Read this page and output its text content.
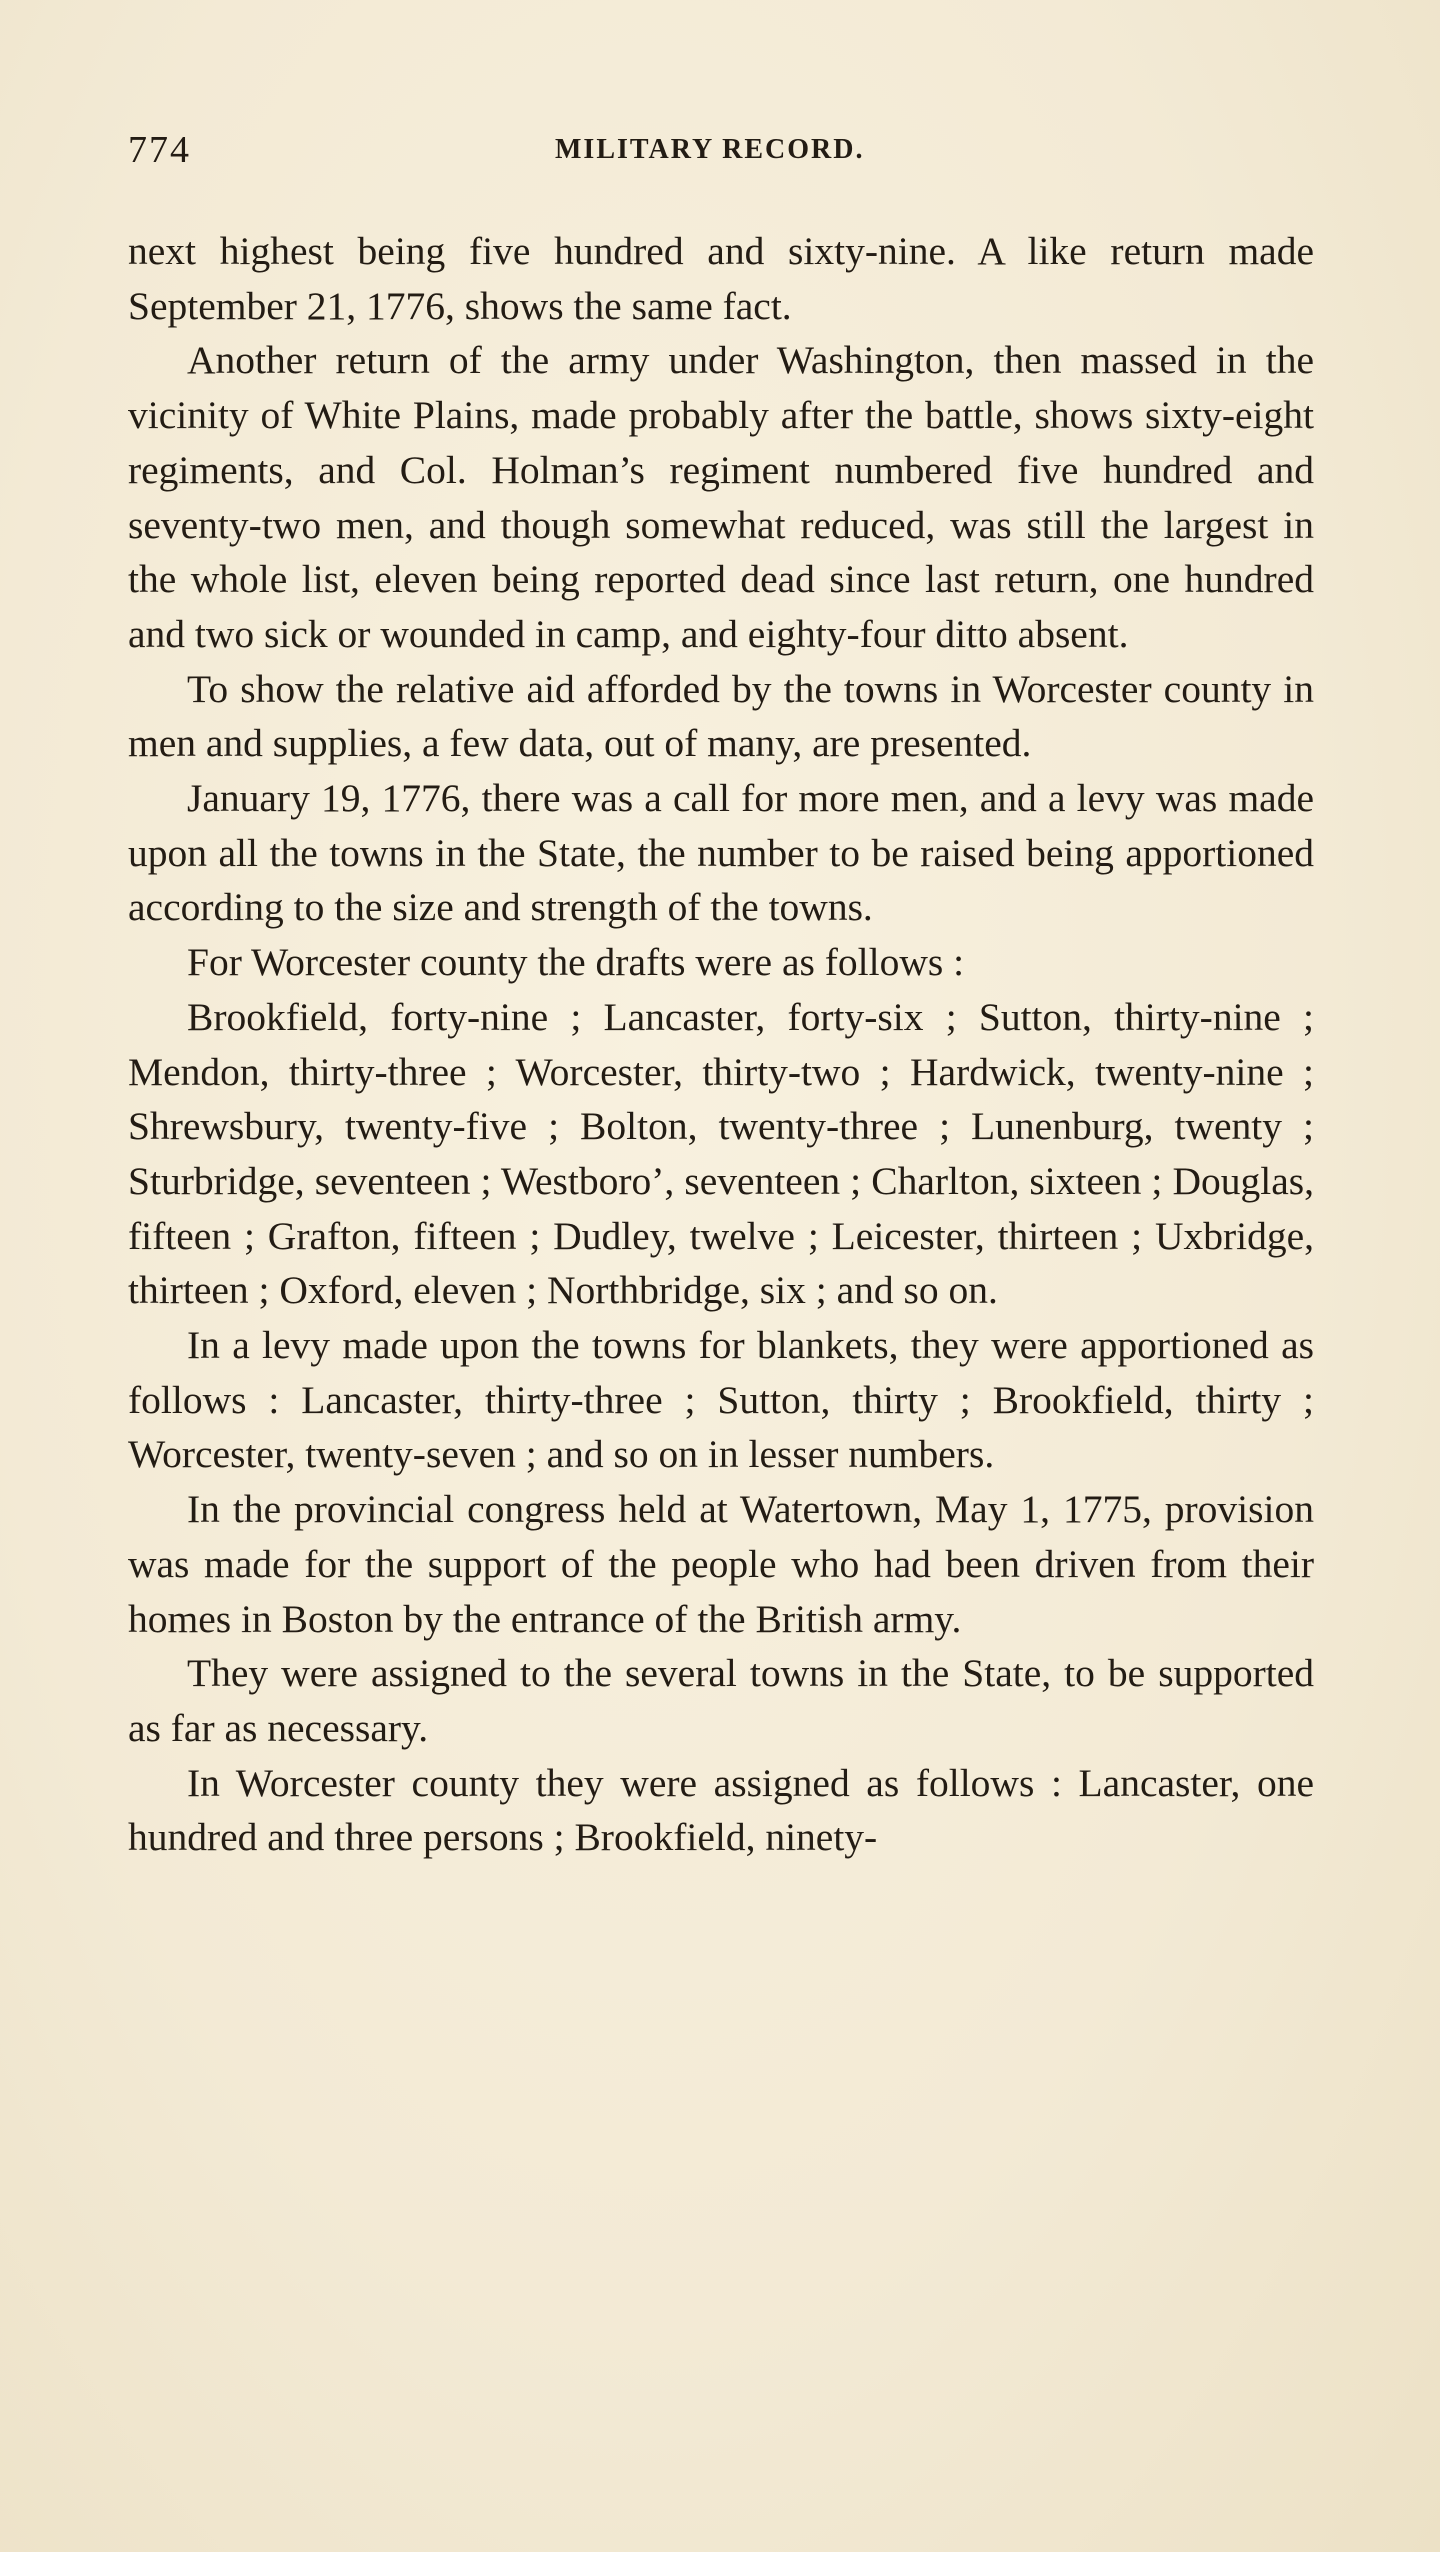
774	MILITARY RECORD.

next highest being five hundred and sixty-nine. A like return made September 21, 1776, shows the same fact.

Another return of the army under Washington, then massed in the vicinity of White Plains, made probably after the battle, shows sixty-eight regiments, and Col. Holman’s regiment numbered five hundred and seventy-two men, and though somewhat reduced, was still the largest in the whole list, eleven being reported dead since last return, one hundred and two sick or wounded in camp, and eighty-four ditto absent.

To show the relative aid afforded by the towns in Worcester county in men and supplies, a few data, out of many, are presented.

January 19, 1776, there was a call for more men, and a levy was made upon all the towns in the State, the number to be raised being apportioned according to the size and strength of the towns.

For Worcester county the drafts were as follows :

Brookfield, forty-nine ; Lancaster, forty-six ; Sutton, thirty-nine ; Mendon, thirty-three ; Worcester, thirty-two ; Hardwick, twenty-nine ; Shrewsbury, twenty-five ; Bolton, twenty-three ; Lunenburg, twenty ; Sturbridge, seventeen ; Westboro’, seventeen ; Charlton, sixteen ; Douglas, fifteen ; Grafton, fifteen ; Dudley, twelve ; Leicester, thirteen ; Uxbridge, thirteen ; Oxford, eleven ; Northbridge, six ; and so on.

In a levy made upon the towns for blankets, they were apportioned as follows : Lancaster, thirty-three ; Sutton, thirty ; Brookfield, thirty ; Worcester, twenty-seven ; and so on in lesser numbers.

In the provincial congress held at Watertown, May 1, 1775, provision was made for the support of the people who had been driven from their homes in Boston by the entrance of the British army.

They were assigned to the several towns in the State, to be supported as far as necessary.

In Worcester county they were assigned as follows : Lancaster, one hundred and three persons ; Brookfield, ninety-
